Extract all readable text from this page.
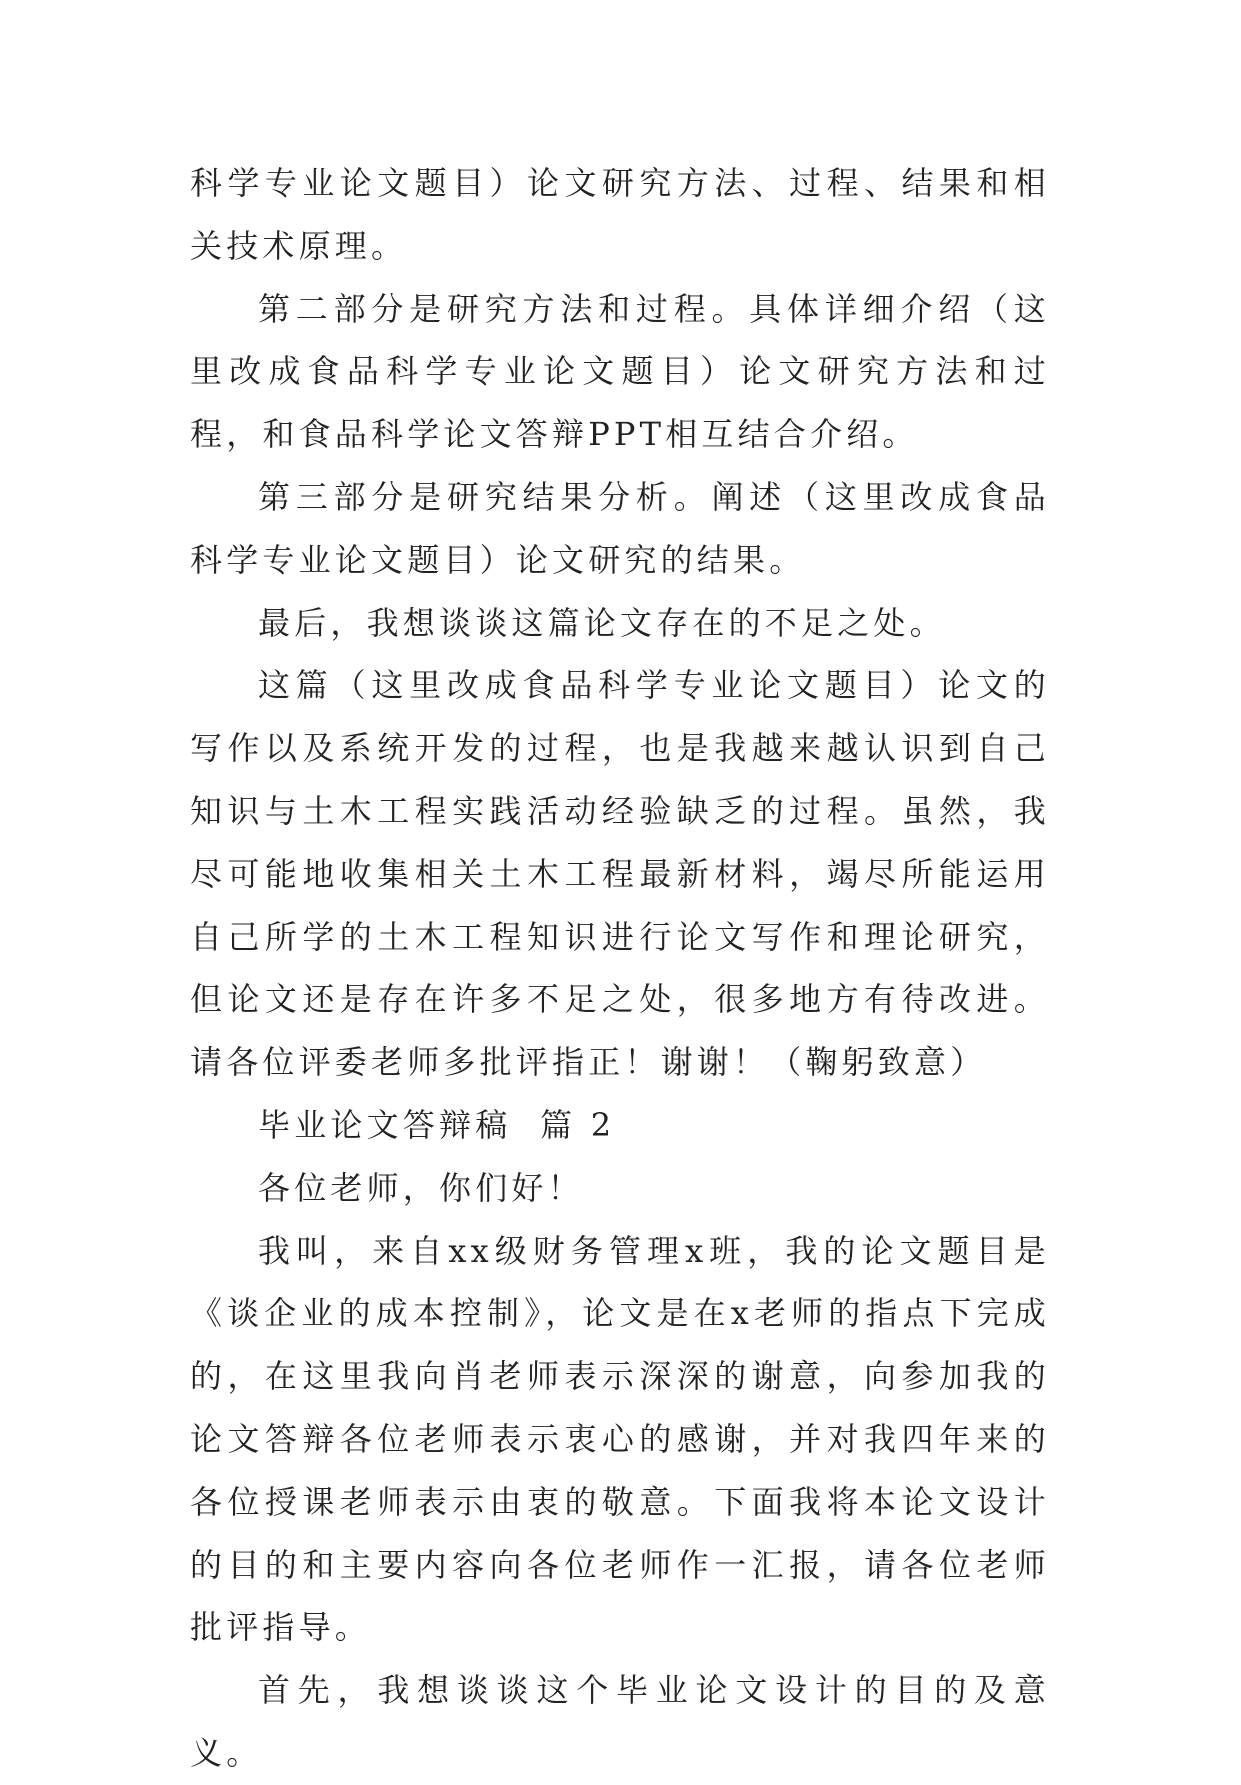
科学专业论文题目）论文研究方法、过程、结果和相关技术原理。

第二部分是研究方法和过程。具体详细介绍（这里改成食品科学专业论文题目）论文研究方法和过程，和食品科学论文答辩PPT相互结合介绍。

第三部分是研究结果分析。阐述（这里改成食品科学专业论文题目）论文研究的结果。

最后，我想谈谈这篇论文存在的不足之处。

这篇（这里改成食品科学专业论文题目）论文的写作以及系统开发的过程，也是我越来越认识到自己知识与土木工程实践活动经验缺乏的过程。虽然，我尽可能地收集相关土木工程最新材料，竭尽所能运用自己所学的土木工程知识进行论文写作和理论研究，但论文还是存在许多不足之处，很多地方有待改进。请各位评委老师多批评指正！谢谢！（鞠躬致意）

毕业论文答辩稿  篇 2

各位老师，你们好！

我叫，来自xx级财务管理x班，我的论文题目是《谈企业的成本控制》，论文是在x老师的指点下完成的，在这里我向肖老师表示深深的谢意，向参加我的论文答辩各位老师表示衷心的感谢，并对我四年来的各位授课老师表示由衷的敬意。下面我将本论文设计的目的和主要内容向各位老师作一汇报，请各位老师批评指导。

首先，我想谈谈这个毕业论文设计的目的及意义。
